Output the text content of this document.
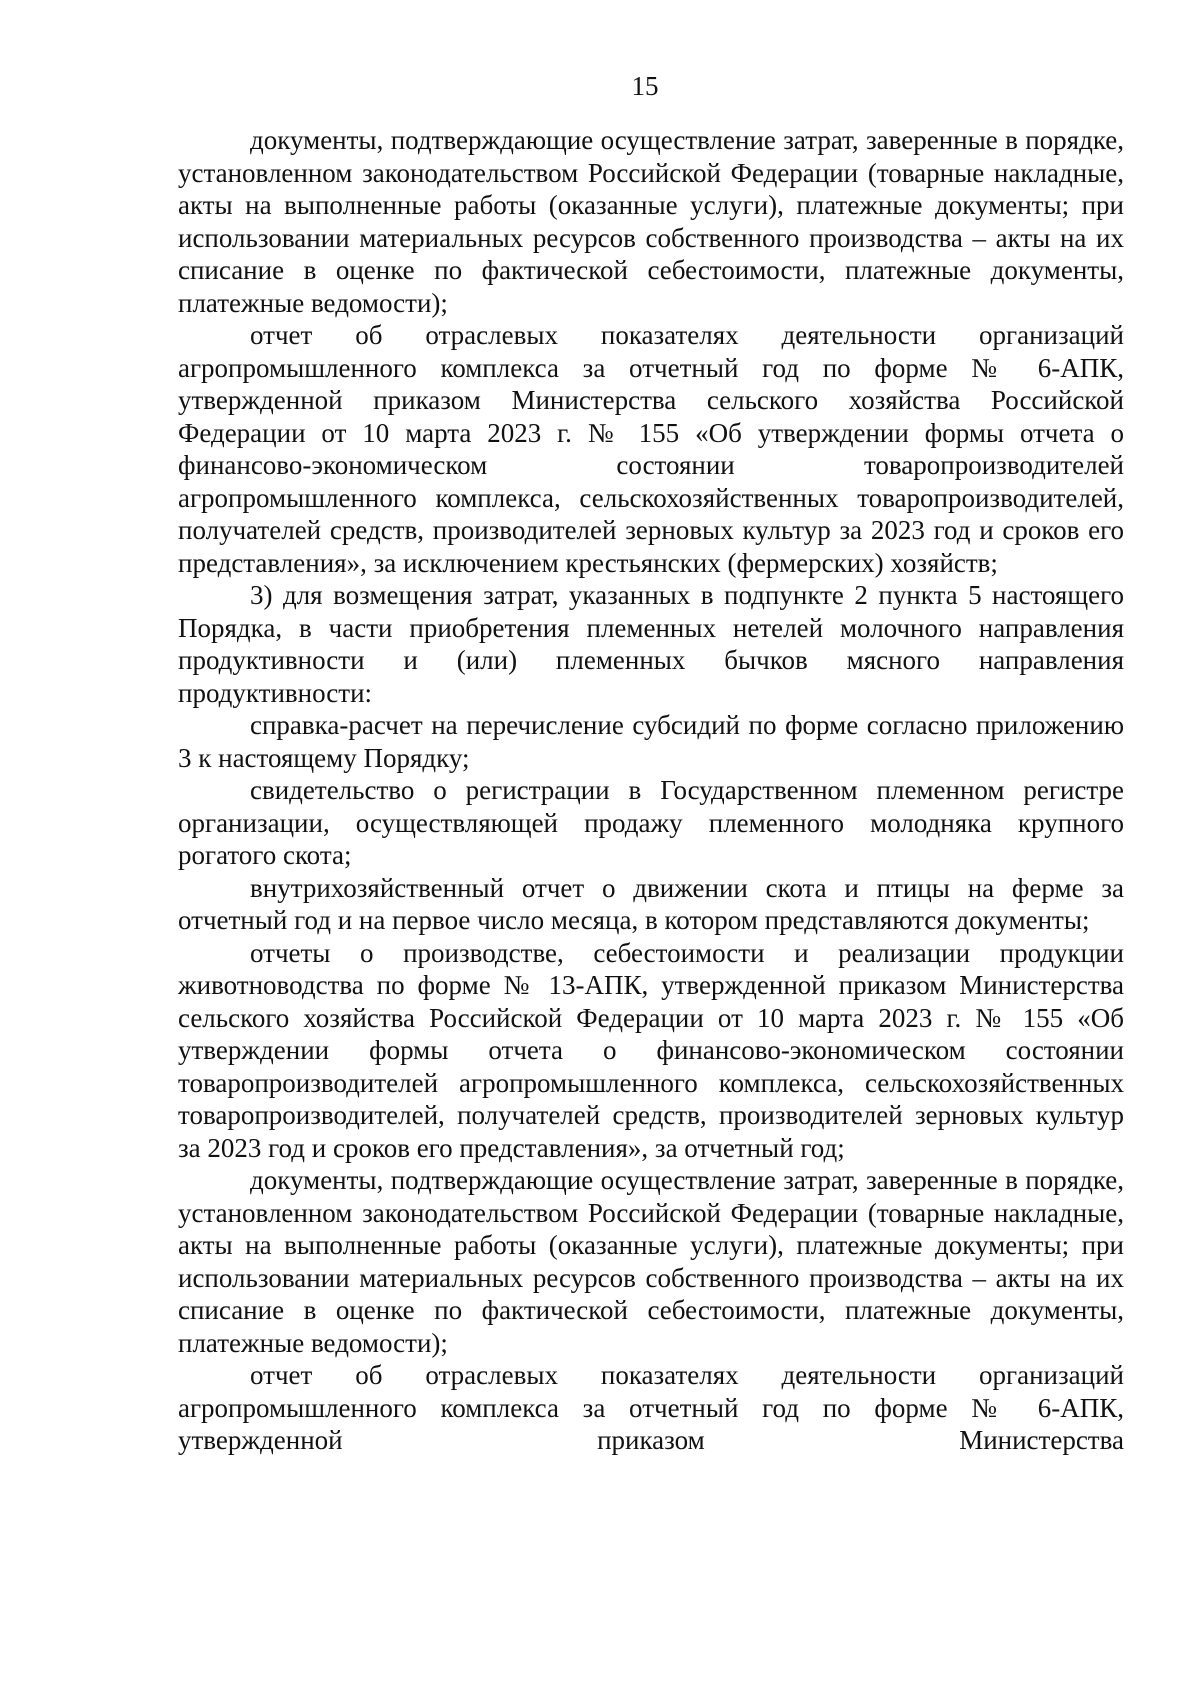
15

документы, подтверждающие осуществление затрат, заверенные в порядке, установленном законодательством Российской Федерации (товарные накладные, акты на выполненные работы (оказанные услуги), платежные документы; при использовании материальных ресурсов собственного производства – акты на их списание в оценке по фактической себестоимости, платежные документы, платежные ведомости);

отчет об отраслевых показателях деятельности организаций агропромышленного комплекса за отчетный год по форме № 6-АПК, утвержденной приказом Министерства сельского хозяйства Российской Федерации от 10 марта 2023 г. № 155 «Об утверждении формы отчета о финансово-экономическом состоянии товаропроизводителей агропромышленного комплекса, сельскохозяйственных товаропроизводителей, получателей средств, производителей зерновых культур за 2023 год и сроков его представления», за исключением крестьянских (фермерских) хозяйств;

3) для возмещения затрат, указанных в подпункте 2 пункта 5 настоящего Порядка, в части приобретения племенных нетелей молочного направления продуктивности и (или) племенных бычков мясного направления продуктивности:

справка-расчет на перечисление субсидий по форме согласно приложению 3 к настоящему Порядку;

свидетельство о регистрации в Государственном племенном регистре организации, осуществляющей продажу племенного молодняка крупного рогатого скота;

внутрихозяйственный отчет о движении скота и птицы на ферме за отчетный год и на первое число месяца, в котором представляются документы;

отчеты о производстве, себестоимости и реализации продукции животноводства по форме № 13-АПК, утвержденной приказом Министерства сельского хозяйства Российской Федерации от 10 марта 2023 г. № 155 «Об утверждении формы отчета о финансово-экономическом состоянии товаропроизводителей агропромышленного комплекса, сельскохозяйственных товаропроизводителей, получателей средств, производителей зерновых культур за 2023 год и сроков его представления», за отчетный год;

документы, подтверждающие осуществление затрат, заверенные в порядке, установленном законодательством Российской Федерации (товарные накладные, акты на выполненные работы (оказанные услуги), платежные документы; при использовании материальных ресурсов собственного производства – акты на их списание в оценке по фактической себестоимости, платежные документы, платежные ведомости);

отчет об отраслевых показателях деятельности организаций агропромышленного комплекса за отчетный год по форме № 6-АПК, утвержденной приказом Министерства
